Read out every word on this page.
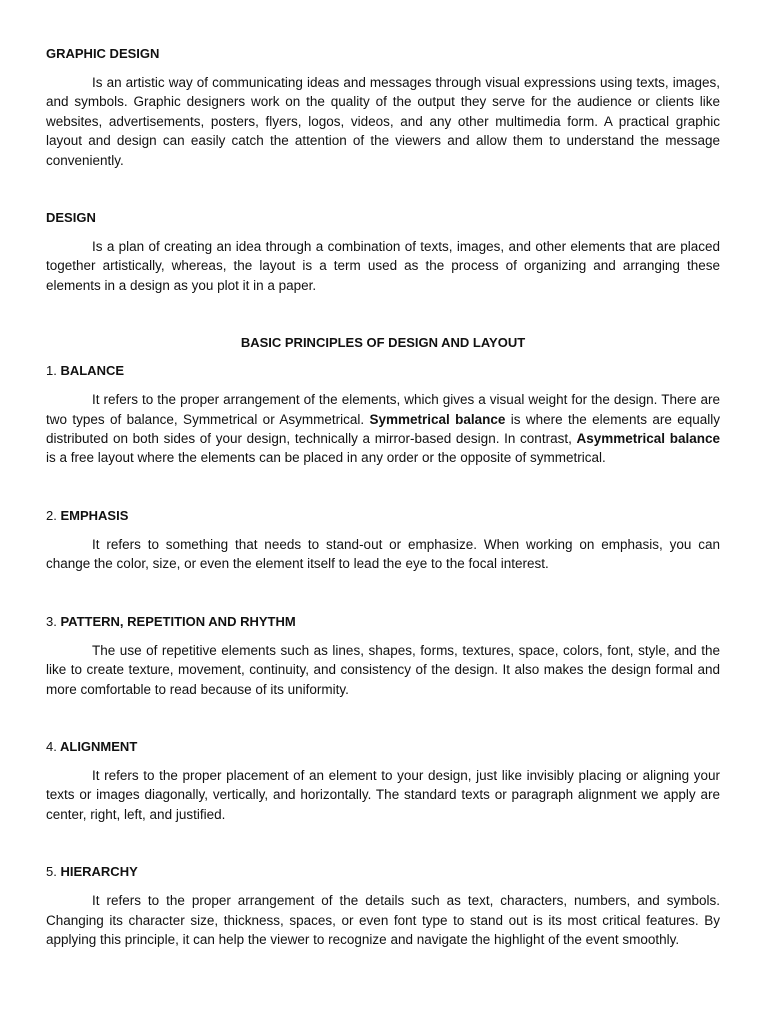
GRAPHIC DESIGN

Is an artistic way of communicating ideas and messages through visual expressions using texts, images, and symbols. Graphic designers work on the quality of the output they serve for the audience or clients like websites, advertisements, posters, flyers, logos, videos, and any other multimedia form. A practical graphic layout and design can easily catch the attention of the viewers and allow them to understand the message conveniently.

DESIGN

Is a plan of creating an idea through a combination of texts, images, and other elements that are placed together artistically, whereas, the layout is a term used as the process of organizing and arranging these elements in a design as you plot it in a paper.

BASIC PRINCIPLES OF DESIGN AND LAYOUT

1. BALANCE

It refers to the proper arrangement of the elements, which gives a visual weight for the design. There are two types of balance, Symmetrical or Asymmetrical. Symmetrical balance is where the elements are equally distributed on both sides of your design, technically a mirror-based design. In contrast, Asymmetrical balance is a free layout where the elements can be placed in any order or the opposite of symmetrical.

2. EMPHASIS

It refers to something that needs to stand-out or emphasize. When working on emphasis, you can change the color, size, or even the element itself to lead the eye to the focal interest.

3. PATTERN, REPETITION AND RHYTHM

The use of repetitive elements such as lines, shapes, forms, textures, space, colors, font, style, and the like to create texture, movement, continuity, and consistency of the design. It also makes the design formal and more comfortable to read because of its uniformity.

4. ALIGNMENT

It refers to the proper placement of an element to your design, just like invisibly placing or aligning your texts or images diagonally, vertically, and horizontally. The standard texts or paragraph alignment we apply are center, right, left, and justified.

5. HIERARCHY

It refers to the proper arrangement of the details such as text, characters, numbers, and symbols. Changing its character size, thickness, spaces, or even font type to stand out is its most critical features. By applying this principle, it can help the viewer to recognize and navigate the highlight of the event smoothly.
